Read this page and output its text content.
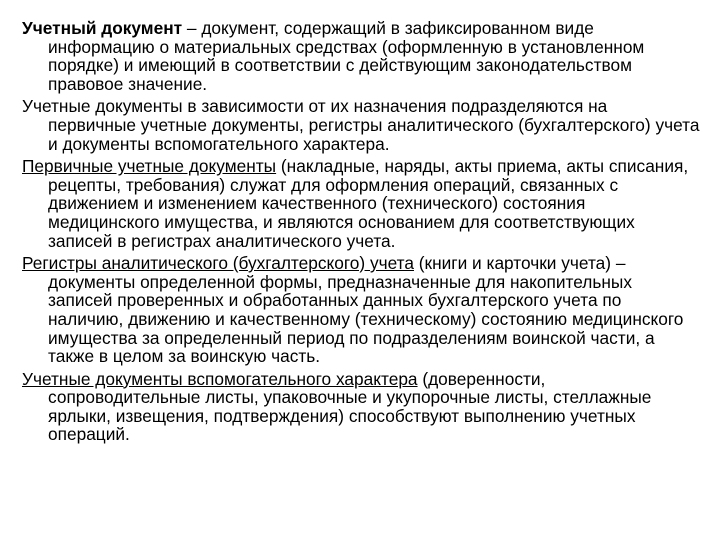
Учетный документ – документ, содержащий в зафиксированном виде информацию о материальных средствах (оформленную в установленном порядке) и имеющий в соответствии с действующим законодательством правовое значение.

Учетные документы в зависимости от их назначения подразделяются на первичные учетные документы, регистры аналитического (бухгалтерского) учета и документы вспомогательного характера.

Первичные учетные документы (накладные, наряды, акты приема, акты списания, рецепты, требования) служат для оформления операций, связанных с движением и изменением качественного (технического) состояния медицинского имущества, и являются основанием для соответствующих записей в регистрах аналитического учета.

Регистры аналитического (бухгалтерского) учета (книги и карточки учета) – документы определенной формы, предназначенные для накопительных записей проверенных и обработанных данных бухгалтерского учета по наличию, движению и качественному (техническому) состоянию медицинского имущества за определенный период по подразделениям воинской части, а также в целом за воинскую часть.

Учетные документы вспомогательного характера (доверенности, сопроводительные листы, упаковочные и укупорочные листы, стеллажные ярлыки, извещения, подтверждения) способствуют выполнению учетных операций.
